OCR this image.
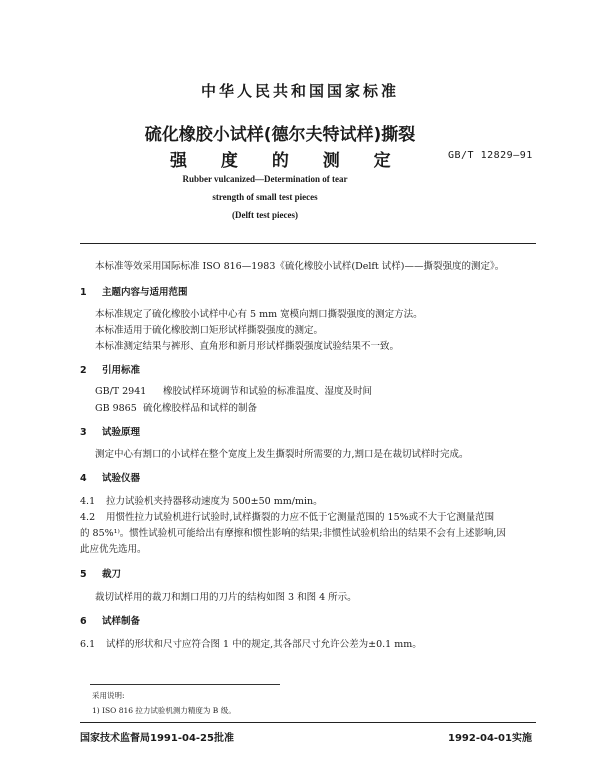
中华人民共和国国家标准
硫化橡胶小试样(德尔夫特试样)撕裂
强 度 的 测 定	GB/T 12829—91
Rubber vulcanized—Determination of tear
strength of small test pieces
(Delft test pieces)
本标准等效采用国际标准 ISO 816—1983《硫化橡胶小试样(Delft 试样)——撕裂强度的测定》。
1 主题内容与适用范围
本标准规定了硫化橡胶小试样中心有 5 mm 宽模向割口撕裂强度的测定方法。
本标准适用于硫化橡胶割口矩形试样撕裂强度的测定。
本标准测定结果与裤形、直角形和新月形试样撕裂强度试验结果不一致。
2 引用标准
GB/T 2941 橡胶试样环境调节和试验的标准温度、湿度及时间
GB 9865 硫化橡胶样品和试样的制备
3 试验原理
测定中心有割口的小试样在整个宽度上发生撕裂时所需要的力,割口是在裁切试样时完成。
4 试验仪器
4.1 拉力试验机夹持器移动速度为 500±50 mm/min。
4.2 用惯性拉力试验机进行试验时,试样撕裂的力应不低于它测量范围的 15%或不大于它测量范围
的 85%¹⁾。惯性试验机可能给出有摩擦和惯性影响的结果;非惯性试验机给出的结果不会有上述影响,因
此应优先选用。
5 裁刀
裁切试样用的裁刀和割口用的刀片的结构如图 3 和图 4 所示。
6 试样制备
6.1 试样的形状和尺寸应符合图 1 中的规定,其各部尺寸允许公差为±0.1 mm。
采用说明:
1) ISO 816 拉力试验机测力精度为 B 级。
国家技术监督局1991-04-25批准	1992-04-01实施
